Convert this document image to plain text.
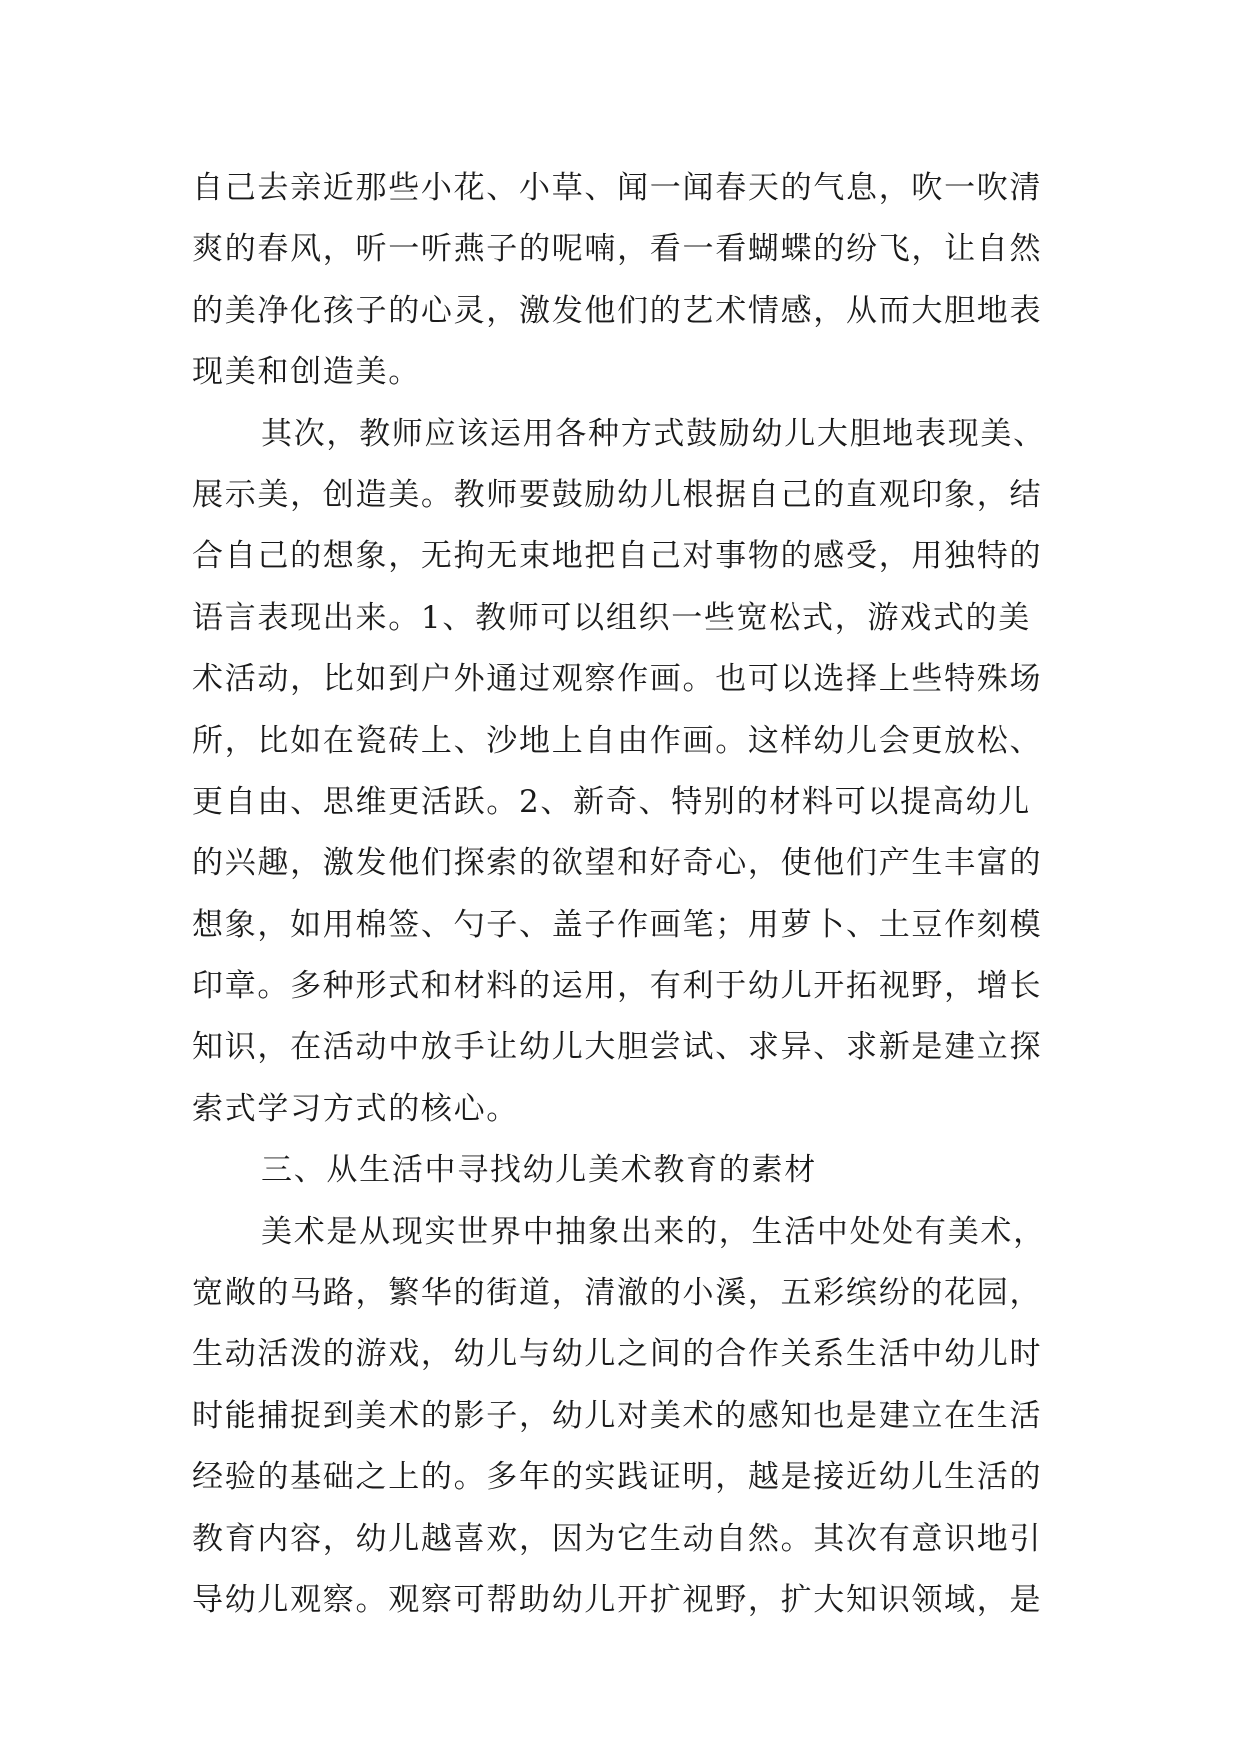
自己去亲近那些小花、小草、闻一闻春天的气息，吹一吹清
爽的春风，听一听燕子的呢喃，看一看蝴蝶的纷飞，让自然
的美净化孩子的心灵，激发他们的艺术情感，从而大胆地表
现美和创造美。
其次，教师应该运用各种方式鼓励幼儿大胆地表现美、
展示美，创造美。教师要鼓励幼儿根据自己的直观印象，结
合自己的想象，无拘无束地把自己对事物的感受，用独特的
语言表现出来。1、教师可以组织一些宽松式，游戏式的美
术活动，比如到户外通过观察作画。也可以选择上些特殊场
所，比如在瓷砖上、沙地上自由作画。这样幼儿会更放松、
更自由、思维更活跃。2、新奇、特别的材料可以提高幼儿
的兴趣，激发他们探索的欲望和好奇心，使他们产生丰富的
想象，如用棉签、勺子、盖子作画笔；用萝卜、土豆作刻模
印章。多种形式和材料的运用，有利于幼儿开拓视野，增长
知识，在活动中放手让幼儿大胆尝试、求异、求新是建立探
索式学习方式的核心。
三、从生活中寻找幼儿美术教育的素材
美术是从现实世界中抽象出来的，生活中处处有美术，
宽敞的马路，繁华的街道，清澈的小溪，五彩缤纷的花园，
生动活泼的游戏，幼儿与幼儿之间的合作关系生活中幼儿时
时能捕捉到美术的影子，幼儿对美术的感知也是建立在生活
经验的基础之上的。多年的实践证明，越是接近幼儿生活的
教育内容，幼儿越喜欢，因为它生动自然。其次有意识地引
导幼儿观察。观察可帮助幼儿开扩视野，扩大知识领域，是
